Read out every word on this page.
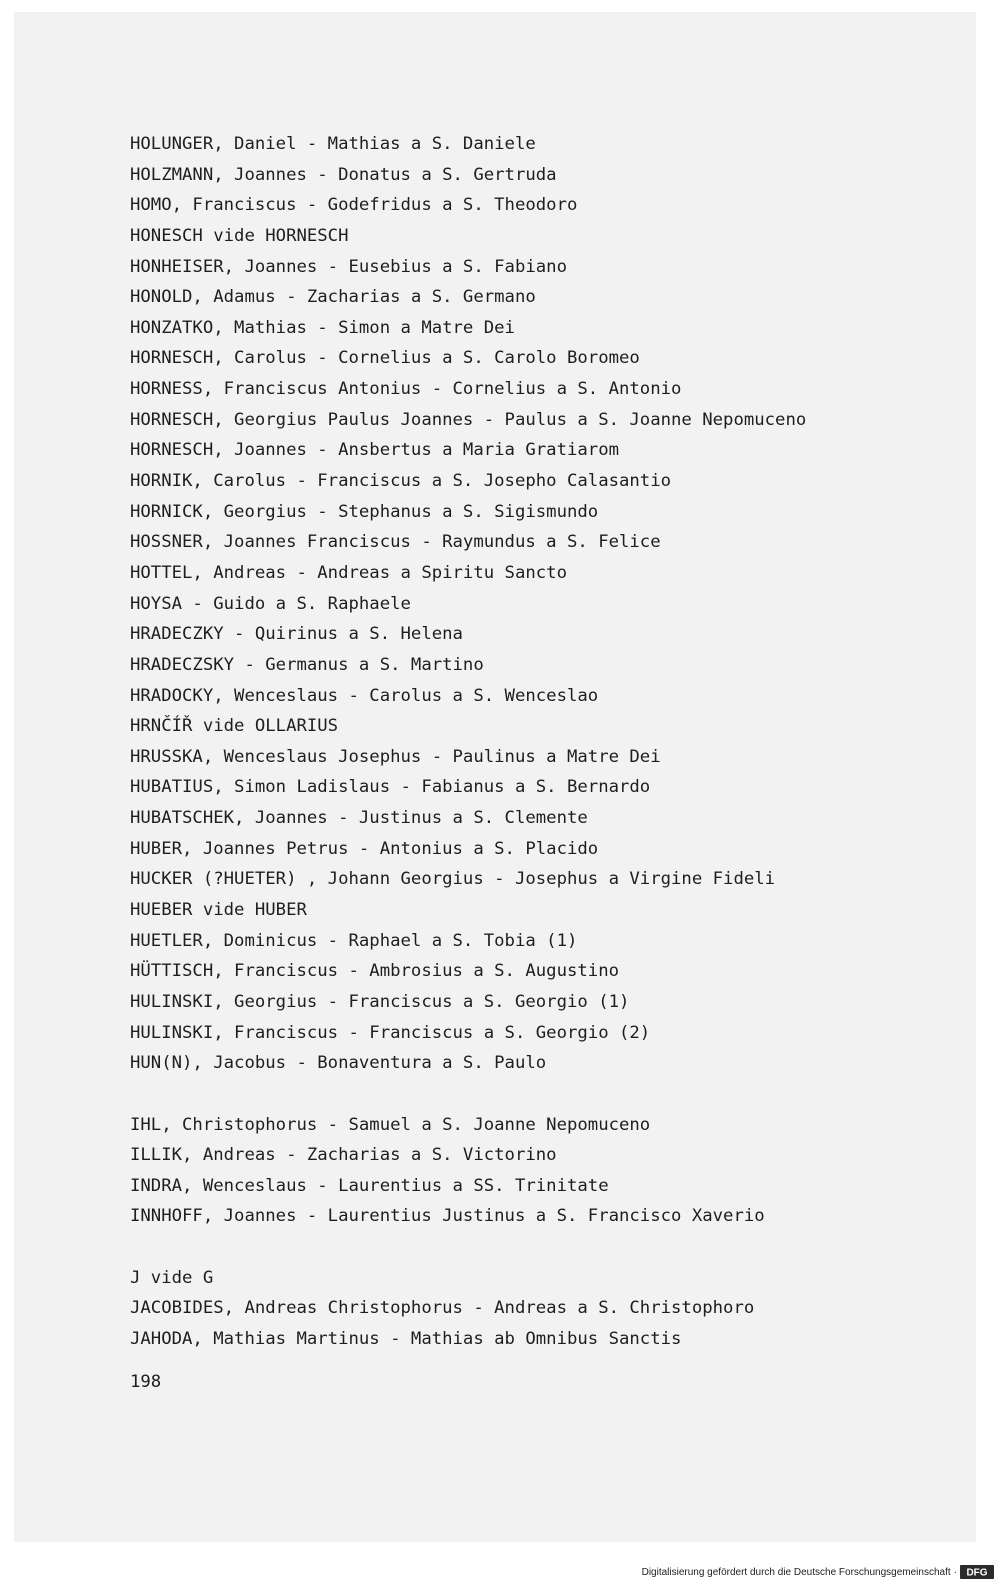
HOLUNGER, Daniel - Mathias a S. Daniele
HOLZMANN, Joannes - Donatus a S. Gertruda
HOMO, Franciscus - Godefridus a S. Theodoro
HONESCH vide HORNESCH
HONHEISER, Joannes - Eusebius a S. Fabiano
HONOLD, Adamus - Zacharias a S. Germano
HONZATKO, Mathias - Simon a Matre Dei
HORNESCH, Carolus - Cornelius a S. Carolo Boromeo
HORNESS, Franciscus Antonius - Cornelius a S. Antonio
HORNESCH, Georgius Paulus Joannes - Paulus a S. Joanne Nepomuceno
HORNESCH, Joannes - Ansbertus a Maria Gratiarom
HORNIK, Carolus - Franciscus a S. Josepho Calasantio
HORNICK, Georgius - Stephanus a S. Sigismundo
HOSSNER, Joannes Franciscus - Raymundus a S. Felice
HOTTEL, Andreas - Andreas a Spiritu Sancto
HOYSA - Guido a S. Raphaele
HRADECZKY - Quirinus a S. Helena
HRADECZSKY - Germanus a S. Martino
HRADOCKY, Wenceslaus - Carolus a S. Wenceslao
HRNČÍŘ vide OLLARIUS
HRUSSKA, Wenceslaus Josephus - Paulinus a Matre Dei
HUBATIUS, Simon Ladislaus - Fabianus a S. Bernardo
HUBATSCHEK, Joannes - Justinus a S. Clemente
HUBER, Joannes Petrus - Antonius a S. Placido
HUCKER (?HUETER) , Johann Georgius - Josephus a Virgine Fideli
HUEBER vide HUBER
HUETLER, Dominicus - Raphael a S. Tobia (1)
HÜTTISCH, Franciscus - Ambrosius a S. Augustino
HULINSKI, Georgius - Franciscus a S. Georgio (1)
HULINSKI, Franciscus - Franciscus a S. Georgio (2)
HUN(N), Jacobus - Bonaventura a S. Paulo
IHL, Christophorus - Samuel a S. Joanne Nepomuceno
ILLIK, Andreas - Zacharias a S. Victorino
INDRA, Wenceslaus - Laurentius a SS. Trinitate
INNHOFF, Joannes - Laurentius Justinus a S. Francisco Xaverio
J vide G
JACOBIDES, Andreas Christophorus - Andreas a S. Christophoro
JAHODA, Mathias Martinus - Mathias ab Omnibus Sanctis
198
Digitalisierung gefördert durch die Deutsche Forschungsgemeinschaft · DFG
